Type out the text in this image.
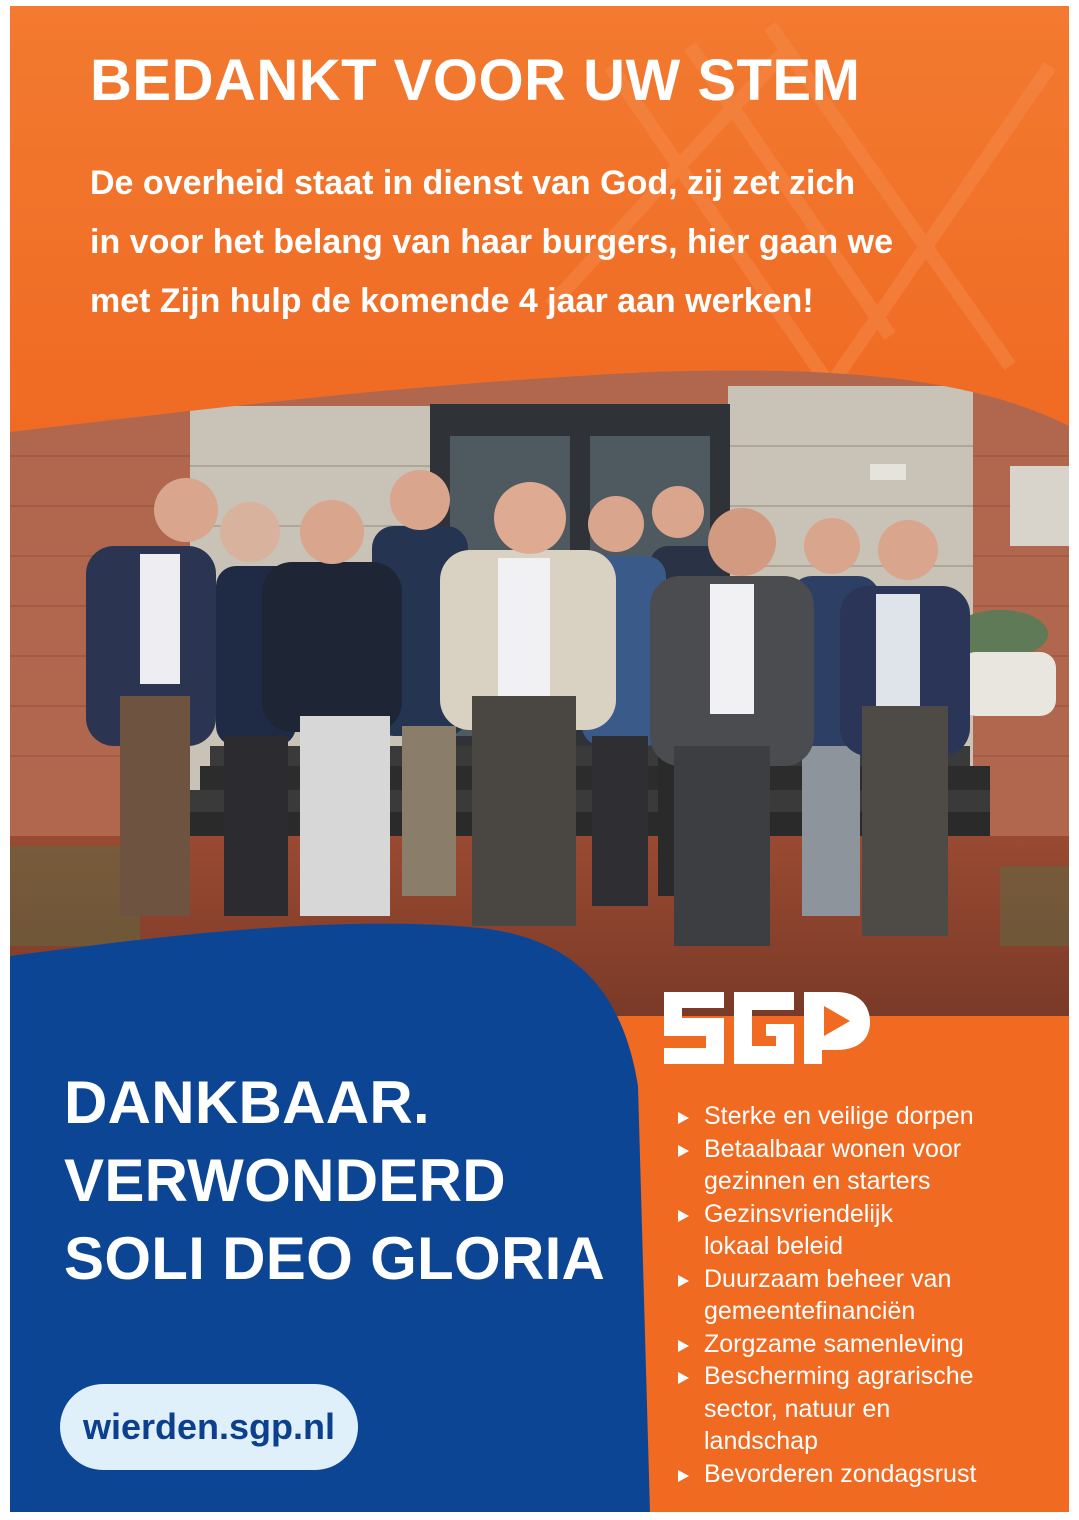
BEDANKT VOOR UW STEM

De overheid staat in dienst van God, zij zet zich
in voor het belang van haar burgers, hier gaan we
met Zijn hulp de komende 4 jaar aan werken!

DANKBAAR.
VERWONDERD
SOLI DEO GLORIA
wierden.sgp.nl
Sterke en veilige dorpen
Betaalbaar wonen voor
gezinnen en starters
Gezinsvriendelijk
lokaal beleid
Duurzaam beheer van
gemeentefinanciën
Zorgzame samenleving
Bescherming agrarische
sector, natuur en
landschap
Bevorderen zondagsrust
